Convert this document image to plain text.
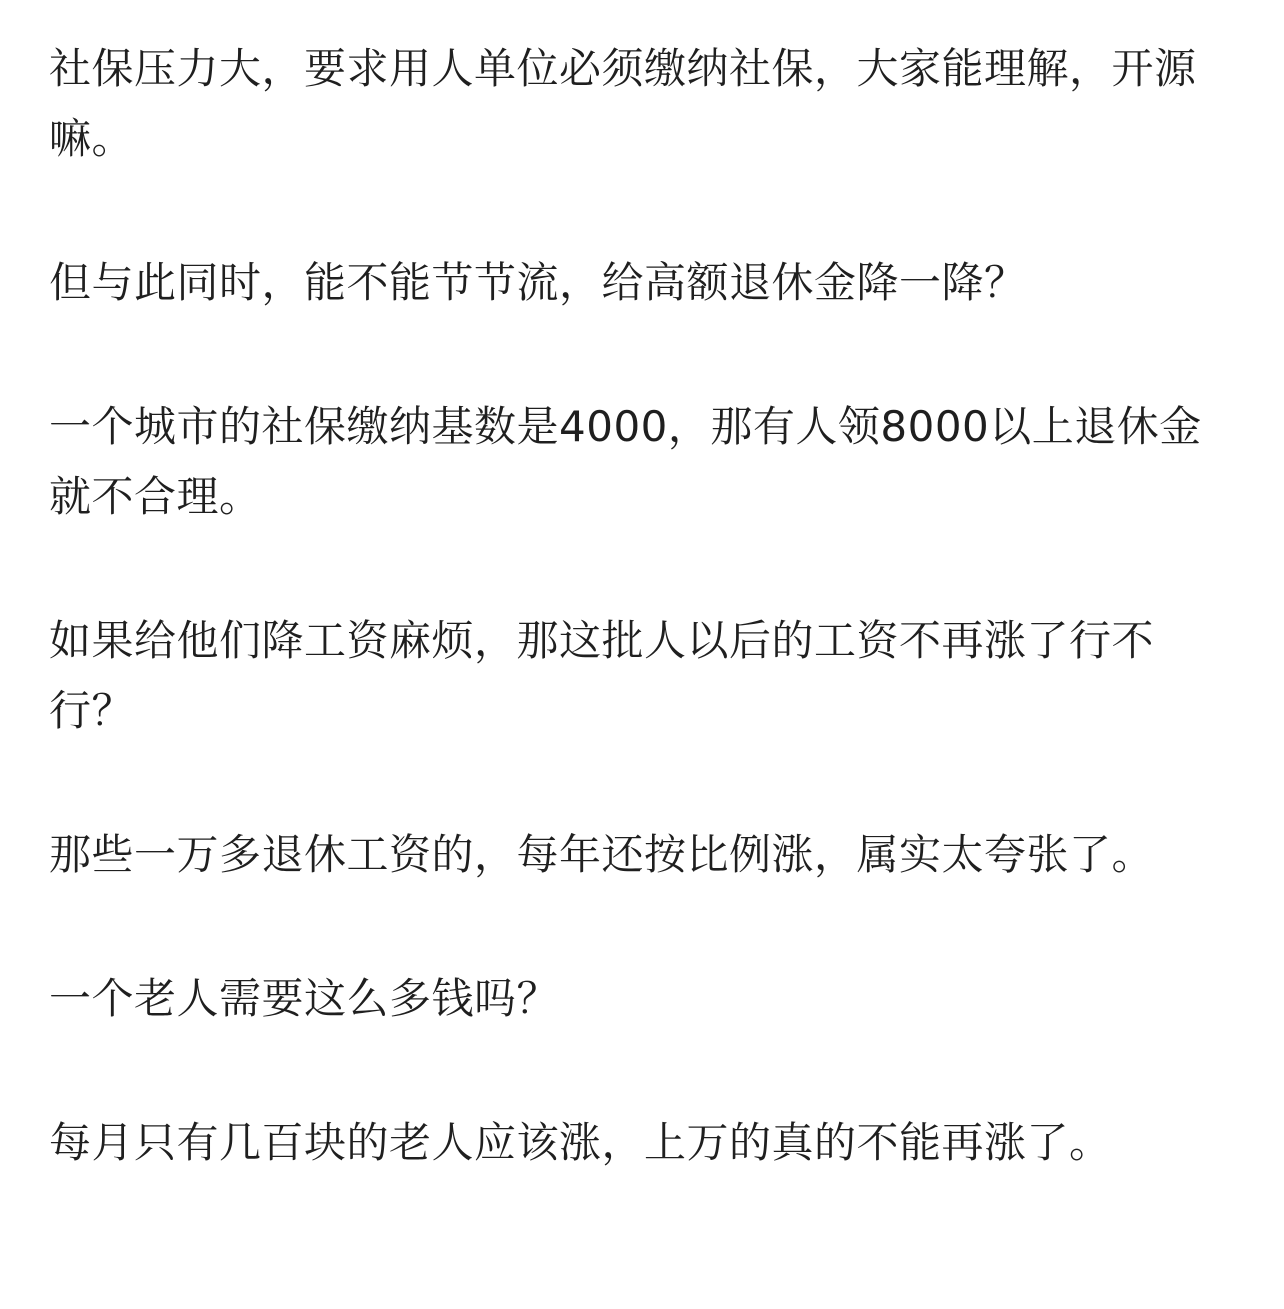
社保压力大，要求用人单位必须缴纳社保，大家能理解，开源嘛。

但与此同时，能不能节节流，给高额退休金降一降？

一个城市的社保缴纳基数是4000，那有人领8000以上退休金就不合理。

如果给他们降工资麻烦，那这批人以后的工资不再涨了行不行？

那些一万多退休工资的，每年还按比例涨，属实太夸张了。

一个老人需要这么多钱吗？

每月只有几百块的老人应该涨，上万的真的不能再涨了。
